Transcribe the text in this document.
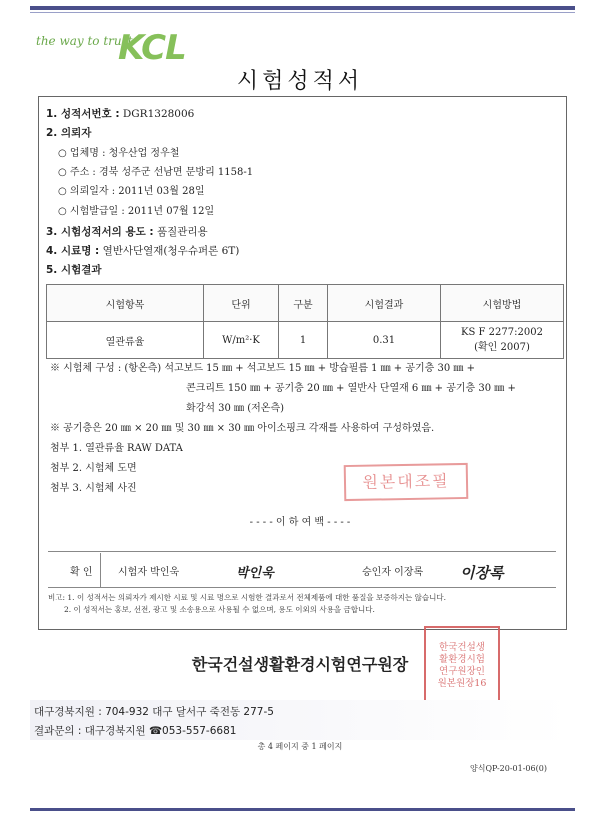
the way to trust
KCL
시험성적서
1. 성적서번호 : DGR1328006
2. 의뢰자
○ 업체명 : 청우산업 정우철
○ 주소 : 경북 성주군 선남면 문방리 1158-1
○ 의뢰일자 : 2011년 03월 28일
○ 시험발급일 : 2011년 07월 12일
3. 시험성적서의 용도 : 품질관리용
4. 시료명 : 열반사단열재(청우슈퍼론 6T)
5. 시험결과
시험항목	단위	구분	시험결과	시험방법
열관류율	W/m²·K	1	0.31	KS F 2277:2002
(확인 2007)
※ 시험체 구성 : (항온측) 석고보드 15 ㎜ + 석고보드 15 ㎜ + 방습필름 1 ㎜ + 공기층 30 ㎜ +
콘크리트 150 ㎜ + 공기층 20 ㎜ + 열반사 단열재 6 ㎜ + 공기층 30 ㎜ +
화강석 30 ㎜ (저온측)
※ 공기층은 20 ㎜ × 20 ㎜ 및 30 ㎜ × 30 ㎜ 아이소핑크 각재를 사용하여 구성하였음.
첨부 1. 열관류율 RAW DATA
첨부 2. 시험체 도면
첨부 3. 시험체 사진	원본대조필
- - - - 이 하 여 백 - - - -
확 인	시험자 박인욱	박인욱	승인자 이장록 이장록
비고: 1. 이 성적서는 의뢰자가 제시한 시료 및 시료 명으로 시험한 결과로서 전체제품에 대한 품질을 보증하지는 않습니다.
2. 이 성적서는 홍보, 선전, 광고 및 소송용으로 사용될 수 없으며, 용도 이외의 사용을 금합니다.
한국건설생
활환경시험
연구원장인
원본원장16
한국건설생활환경시험연구원장
대구경북지원 : 704-932 대구 달서구 죽전동 277-5
결과문의 : 대구경북지원 ☎053-557-6681
총 4 페이지 중 1 페이지
양식QP-20-01-06(0)
